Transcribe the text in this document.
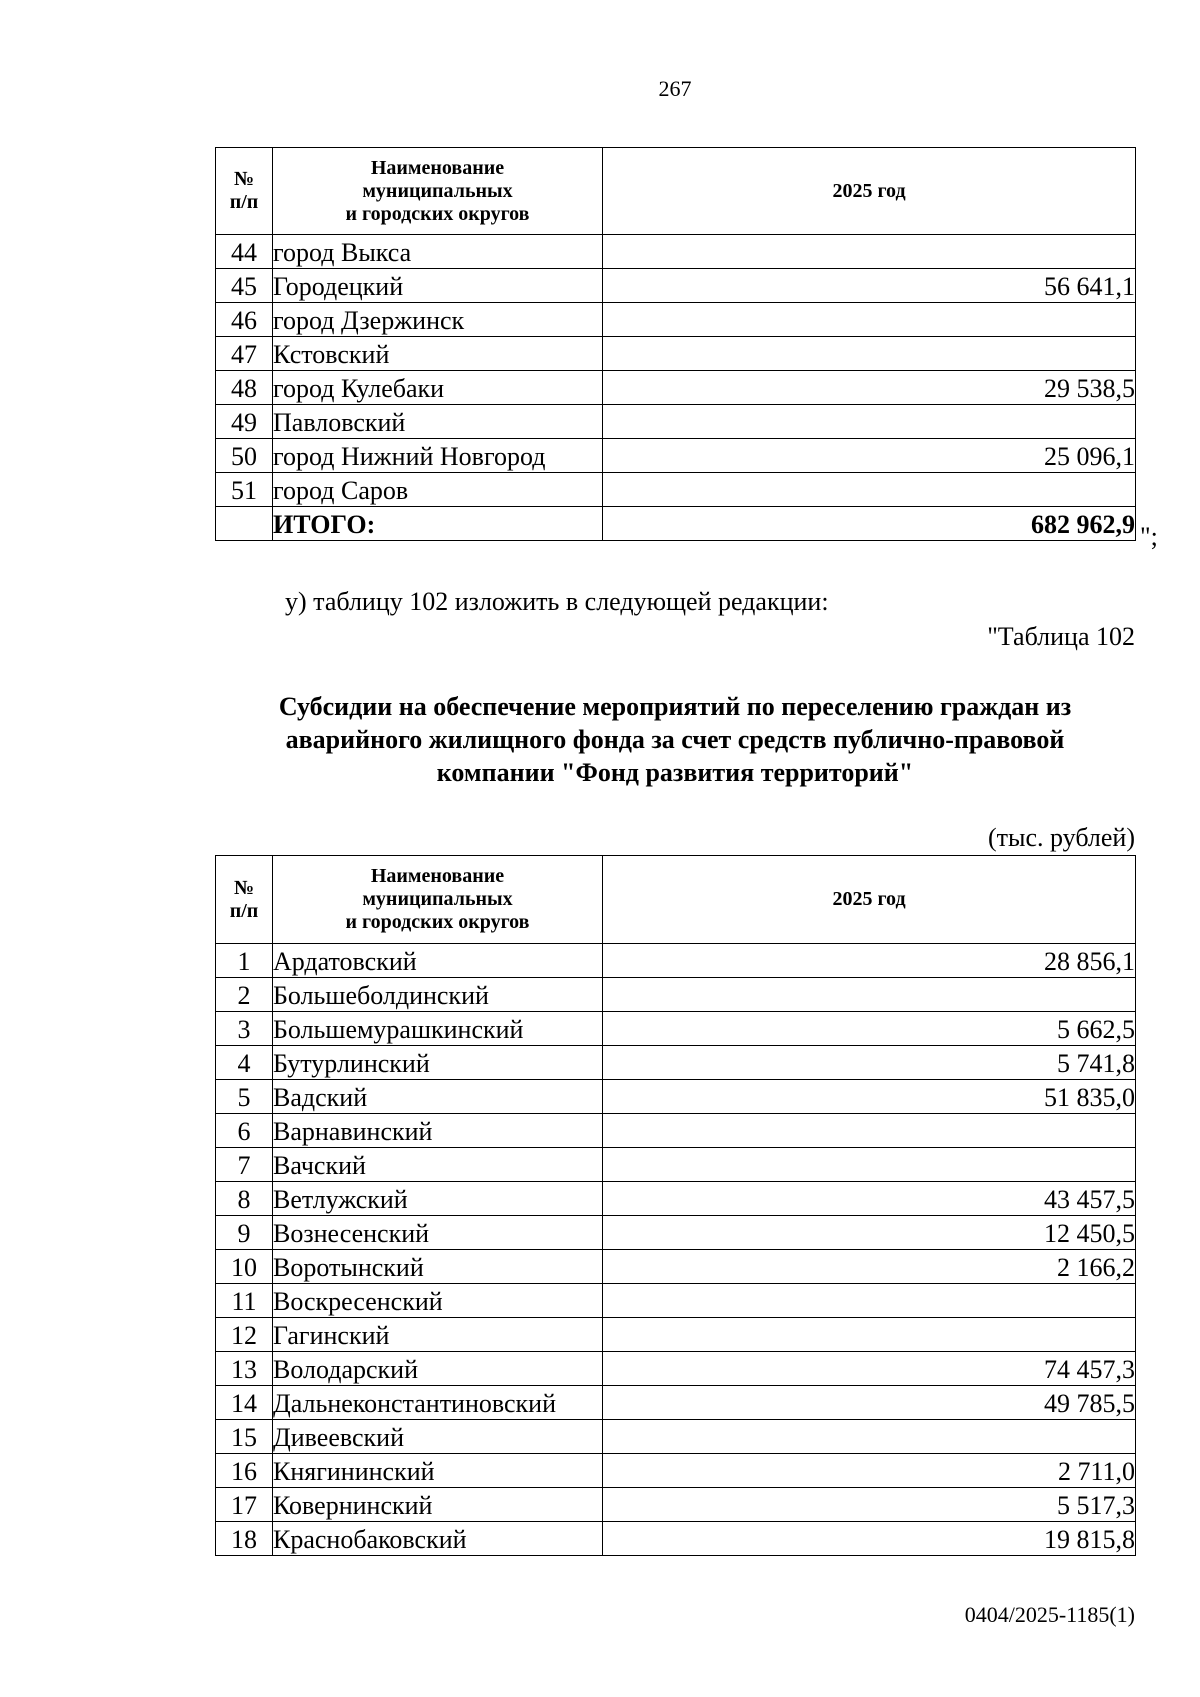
267
№
п/п	Наименование
муниципальных
и городских округов	2025 год
44	город Выкса	
45	Городецкий	56 641,1
46	город Дзержинск	
47	Кстовский	
48	город Кулебаки	29 538,5
49	Павловский	
50	город Нижний Новгород	25 096,1
51	город Саров	
	ИТОГО:	682 962,9 ";
у) таблицу 102 изложить в следующей редакции:
"Таблица 102
Субсидии на обеспечение мероприятий по переселению граждан из
аварийного жилищного фонда за счет средств публично-правовой
компании "Фонд развития территорий"
(тыс. рублей)
№
п/п	Наименование
муниципальных
и городских округов	2025 год
1	Ардатовский	28 856,1
2	Большеболдинский	
3	Большемурашкинский	5 662,5
4	Бутурлинский	5 741,8
5	Вадский	51 835,0
6	Варнавинский	
7	Вачский	
8	Ветлужский	43 457,5
9	Вознесенский	12 450,5
10	Воротынский	2 166,2
11	Воскресенский	
12	Гагинский	
13	Володарский	74 457,3
14	Дальнеконстантиновский	49 785,5
15	Дивеевский	
16	Княгининский	2 711,0
17	Ковернинский	5 517,3
18	Краснобаковский	19 815,8
0404/2025-1185(1)
